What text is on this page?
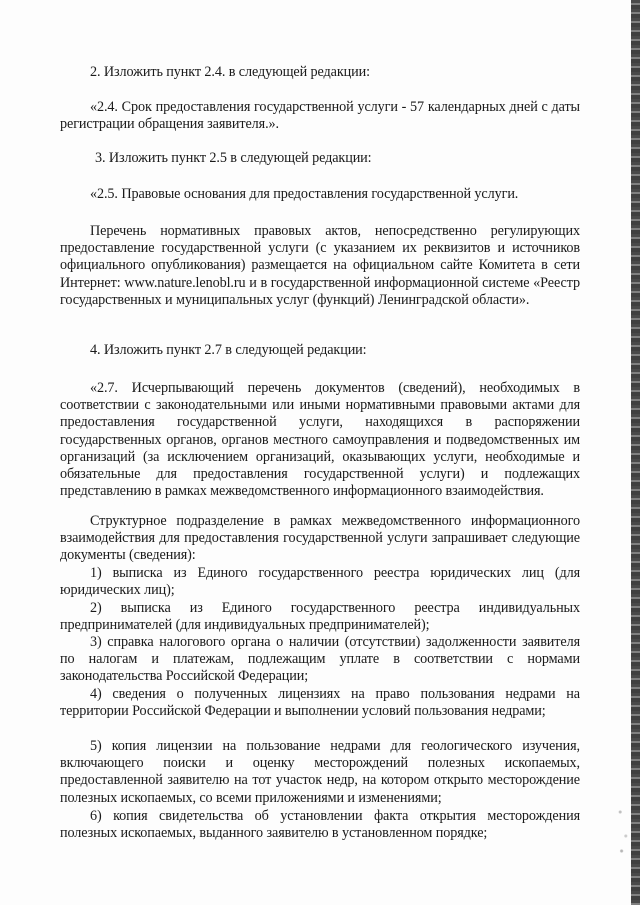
2. Изложить пункт 2.4. в следующей редакции:
«2.4. Срок предоставления государственной услуги - 57 календарных дней с даты регистрации обращения заявителя.».
3. Изложить пункт 2.5 в следующей редакции:
«2.5. Правовые основания для предоставления государственной услуги.
Перечень нормативных правовых актов, непосредственно регулирующих предоставление государственной услуги (с указанием их реквизитов и источников официального опубликования) размещается на официальном сайте Комитета в сети Интернет: www.nature.lenobl.ru и в государственной информационной системе «Реестр государственных и муниципальных услуг (функций) Ленинградской области».
4. Изложить пункт 2.7 в следующей редакции:
«2.7. Исчерпывающий перечень документов (сведений), необходимых в соответствии с законодательными или иными нормативными правовыми актами для предоставления государственной услуги, находящихся в распоряжении государственных органов, органов местного самоуправления и подведомственных им организаций (за исключением организаций, оказывающих услуги, необходимые и обязательные для предоставления государственной услуги) и подлежащих представлению в рамках межведомственного информационного взаимодействия.
Структурное подразделение в рамках межведомственного информационного взаимодействия для предоставления государственной услуги запрашивает следующие документы (сведения):
1) выписка из Единого государственного реестра юридических лиц (для юридических лиц);
2) выписка из Единого государственного реестра индивидуальных предпринимателей (для индивидуальных предпринимателей);
3) справка налогового органа о наличии (отсутствии) задолженности заявителя по налогам и платежам, подлежащим уплате в соответствии с нормами законодательства Российской Федерации;
4) сведения о полученных лицензиях на право пользования недрами на территории Российской Федерации и выполнении условий пользования недрами;
5) копия лицензии на пользование недрами для геологического изучения, включающего поиски и оценку месторождений полезных ископаемых, предоставленной заявителю на тот участок недр, на котором открыто месторождение полезных ископаемых, со всеми приложениями и изменениями;
6) копия свидетельства об установлении факта открытия месторождения полезных ископаемых, выданного заявителю в установленном порядке;
